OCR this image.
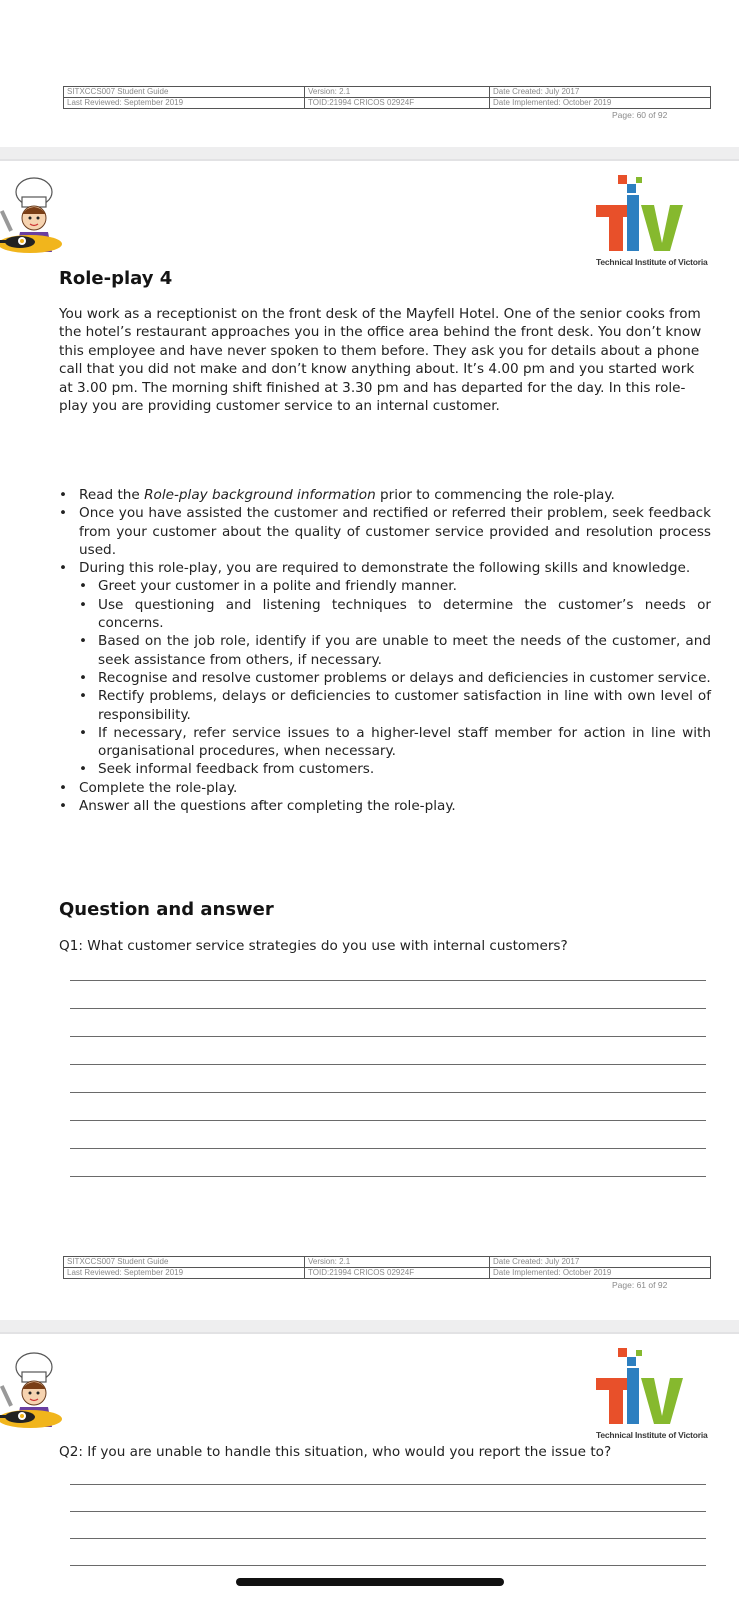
SITXCCS007 Student Guide	Version: 2.1	Date Created: July 2017
Last Reviewed: September 2019	TOID:21994 CRICOS 02924F	Date Implemented: October 2019
Page: 60 of 92
Technical Institute of Victoria
Role-play 4
You work as a receptionist on the front desk of the Mayfell Hotel. One of the senior cooks from the hotel’s restaurant approaches you in the office area behind the front desk. You don’t know this employee and have never spoken to them before. They ask you for details about a phone call that you did not make and don’t know anything about. It’s 4.00 pm and you started work at 3.00 pm. The morning shift finished at 3.30 pm and has departed for the day. In this role-play you are providing customer service to an internal customer.
• Read the Role-play background information prior to commencing the role-play.
• Once you have assisted the customer and rectified or referred their problem, seek feedback from your customer about the quality of customer service provided and resolution process used.
• During this role-play, you are required to demonstrate the following skills and knowledge.
• Greet your customer in a polite and friendly manner.
• Use questioning and listening techniques to determine the customer’s needs or concerns.
• Based on the job role, identify if you are unable to meet the needs of the customer, and seek assistance from others, if necessary.
• Recognise and resolve customer problems or delays and deficiencies in customer service.
• Rectify problems, delays or deficiencies to customer satisfaction in line with own level of responsibility.
• If necessary, refer service issues to a higher-level staff member for action in line with organisational procedures, when necessary.
• Seek informal feedback from customers.
• Complete the role-play.
• Answer all the questions after completing the role-play.
Question and answer
Q1: What customer service strategies do you use with internal customers?
SITXCCS007 Student Guide	Version: 2.1	Date Created: July 2017
Last Reviewed: September 2019	TOID:21994 CRICOS 02924F	Date Implemented: October 2019
Page: 61 of 92
Technical Institute of Victoria
Q2: If you are unable to handle this situation, who would you report the issue to?
